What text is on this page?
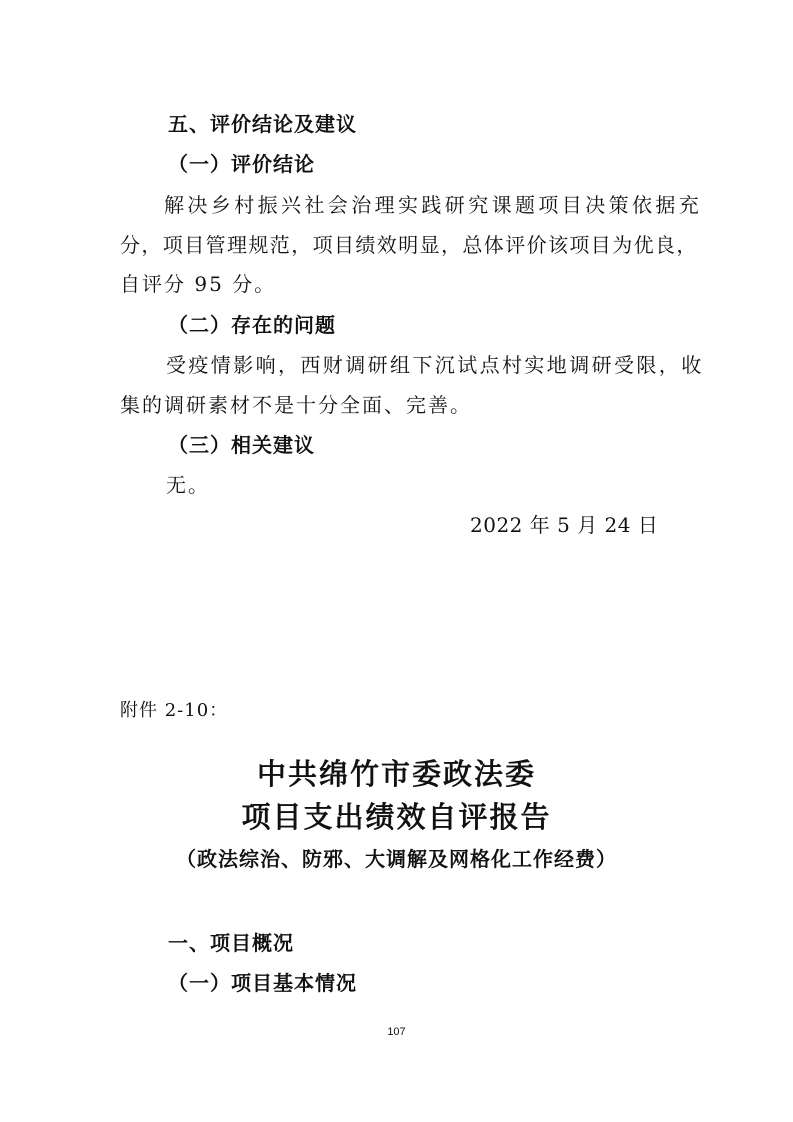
五、评价结论及建议
（一）评价结论
解决乡村振兴社会治理实践研究课题项目决策依据充
分，项目管理规范，项目绩效明显，总体评价该项目为优良，
自评分 95 分。
（二）存在的问题
受疫情影响，西财调研组下沉试点村实地调研受限，收
集的调研素材不是十分全面、完善。
（三）相关建议
无。
2022 年 5 月 24 日
附件 2-10：
中共绵竹市委政法委
项目支出绩效自评报告
（政法综治、防邪、大调解及网格化工作经费）
一、项目概况
（一）项目基本情况
107
